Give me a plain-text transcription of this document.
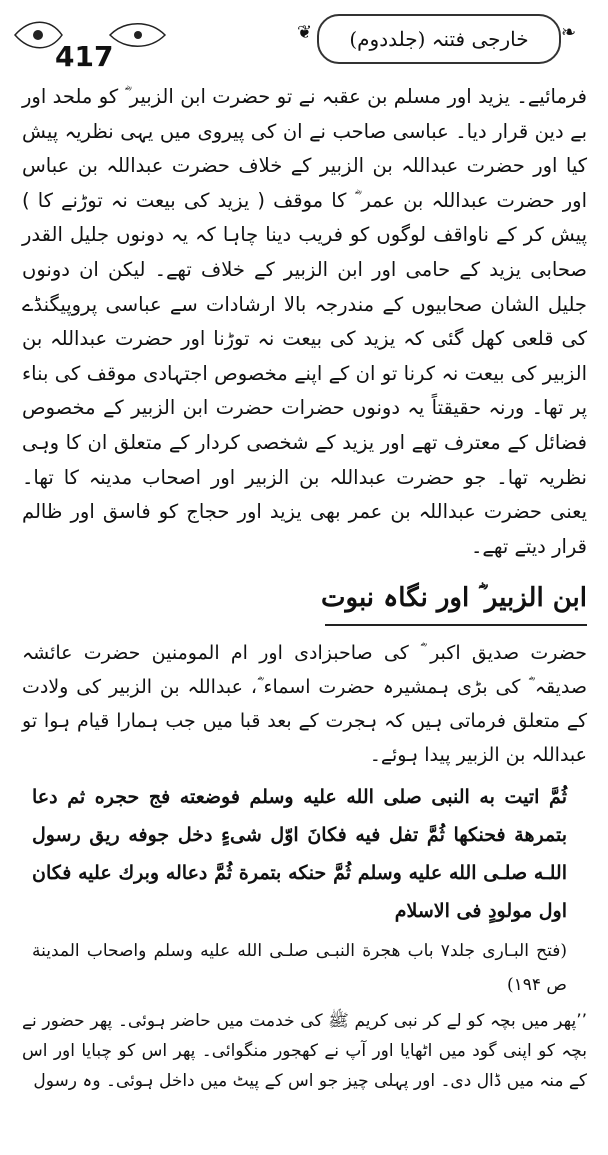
417
❦	خارجی فتنہ (جلددوم)	❧

فرمائیے۔ یزید اور مسلم بن عقبہ نے تو حضرت ابن الزبیر ؓ کو ملحد اور بے دین قرار دیا۔ عباسی صاحب نے ان کی پیروی میں یہی نظریہ پیش کیا اور حضرت عبداللہ بن الزبیر کے خلاف حضرت عبداللہ بن عباس اور حضرت عبداللہ بن عمر ؓ کا موقف ( یزید کی بیعت نہ توڑنے کا ) پیش کر کے ناواقف لوگوں کو فریب دینا چاہا کہ یہ دونوں جلیل القدر صحابی یزید کے حامی اور ابن الزبیر کے خلاف تھے۔ لیکن ان دونوں جلیل الشان صحابیوں کے مندرجہ بالا ارشادات سے عباسی پروپیگنڈے کی قلعی کھل گئی کہ یزید کی بیعت نہ توڑنا اور حضرت عبداللہ بن الزبیر کی بیعت نہ کرنا تو ان کے اپنے مخصوص اجتہادی موقف کی بناء پر تھا۔ ورنہ حقیقتاً یہ دونوں حضرات حضرت ابن الزبیر کے مخصوص فضائل کے معترف تھے اور یزید کے شخصی کردار کے متعلق ان کا وہی نظریہ تھا۔ جو حضرت عبداللہ بن الزبیر اور اصحاب مدینہ کا تھا۔ یعنی حضرت عبداللہ بن عمر بھی یزید اور حجاج کو فاسق اور ظالم قرار دیتے تھے۔

ابن الزبیر ؓ اور نگاہ نبوت

حضرت صدیق اکبر ؓ کی صاحبزادی اور ام المومنین حضرت عائشہ صدیقہ ؓ کی بڑی ہمشیرہ حضرت اسماء ؓ، عبداللہ بن الزبیر کی ولادت کے متعلق فرماتی ہیں کہ ہجرت کے بعد قبا میں جب ہمارا قیام ہوا تو عبداللہ بن الزبیر پیدا ہوئے۔

ثُمَّ اتیت به النبی صلی الله علیه وسلم فوضعته فج حجره ثم دعا بتمرهة فحنکها ثُمَّ تفل فیه فکانَ اوّل شیءٍ دخل جوفه ریق رسول اللـه صلـی الله علیه وسلم ثُمَّ حنکه بتمرة ثُمَّ دعاله وبرك علیه فکان اول مولودٍ فی الاسلام

(فتح البـاری جلد۷ باب هجرة النبـی صلـی الله علیه وسلم واصحاب المدینة ص ۱۹۴)

’’پھر میں بچہ کو لے کر نبی کریم ﷺ کی خدمت میں حاضر ہوئی۔ پھر حضور نے بچہ کو اپنی گود میں اٹھایا اور آپ نے کھجور منگوائی۔ پھر اس کو چبایا اور اس کے منہ میں ڈال دی۔ اور پہلی چیز جو اس کے پیٹ میں داخل ہوئی۔ وہ رسول
